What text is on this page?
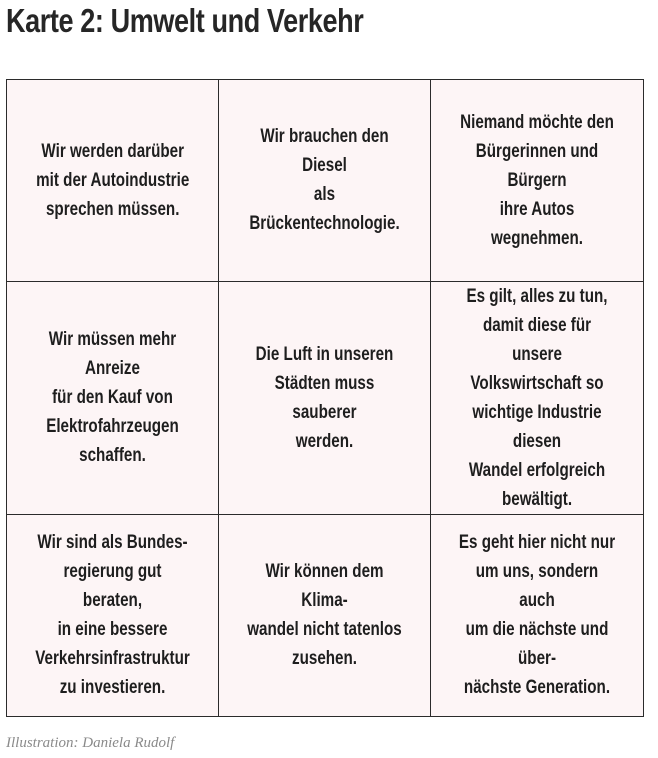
Karte 2: Umwelt und Verkehr
Wir werden darüber
mit der Autoindustrie
sprechen müssen.
Wir brauchen den Diesel
als Brückentechnologie.
Niemand möchte den
Bürgerinnen und Bürgern
ihre Autos wegnehmen.
Wir müssen mehr Anreize
für den Kauf von
Elektrofahrzeugen
schaffen.
Die Luft in unseren
Städten muss sauberer
werden.
Es gilt, alles zu tun,
damit diese für unsere
Volkswirtschaft so
wichtige Industrie diesen
Wandel erfolgreich
bewältigt.
Wir sind als Bundes-
regierung gut beraten,
in eine bessere
Verkehrsinfrastruktur
zu investieren.
Wir können dem Klima-
wandel nicht tatenlos
zusehen.
Es geht hier nicht nur
um uns, sondern auch
um die nächste und über-
nächste Generation.
Illustration: Daniela Rudolf
